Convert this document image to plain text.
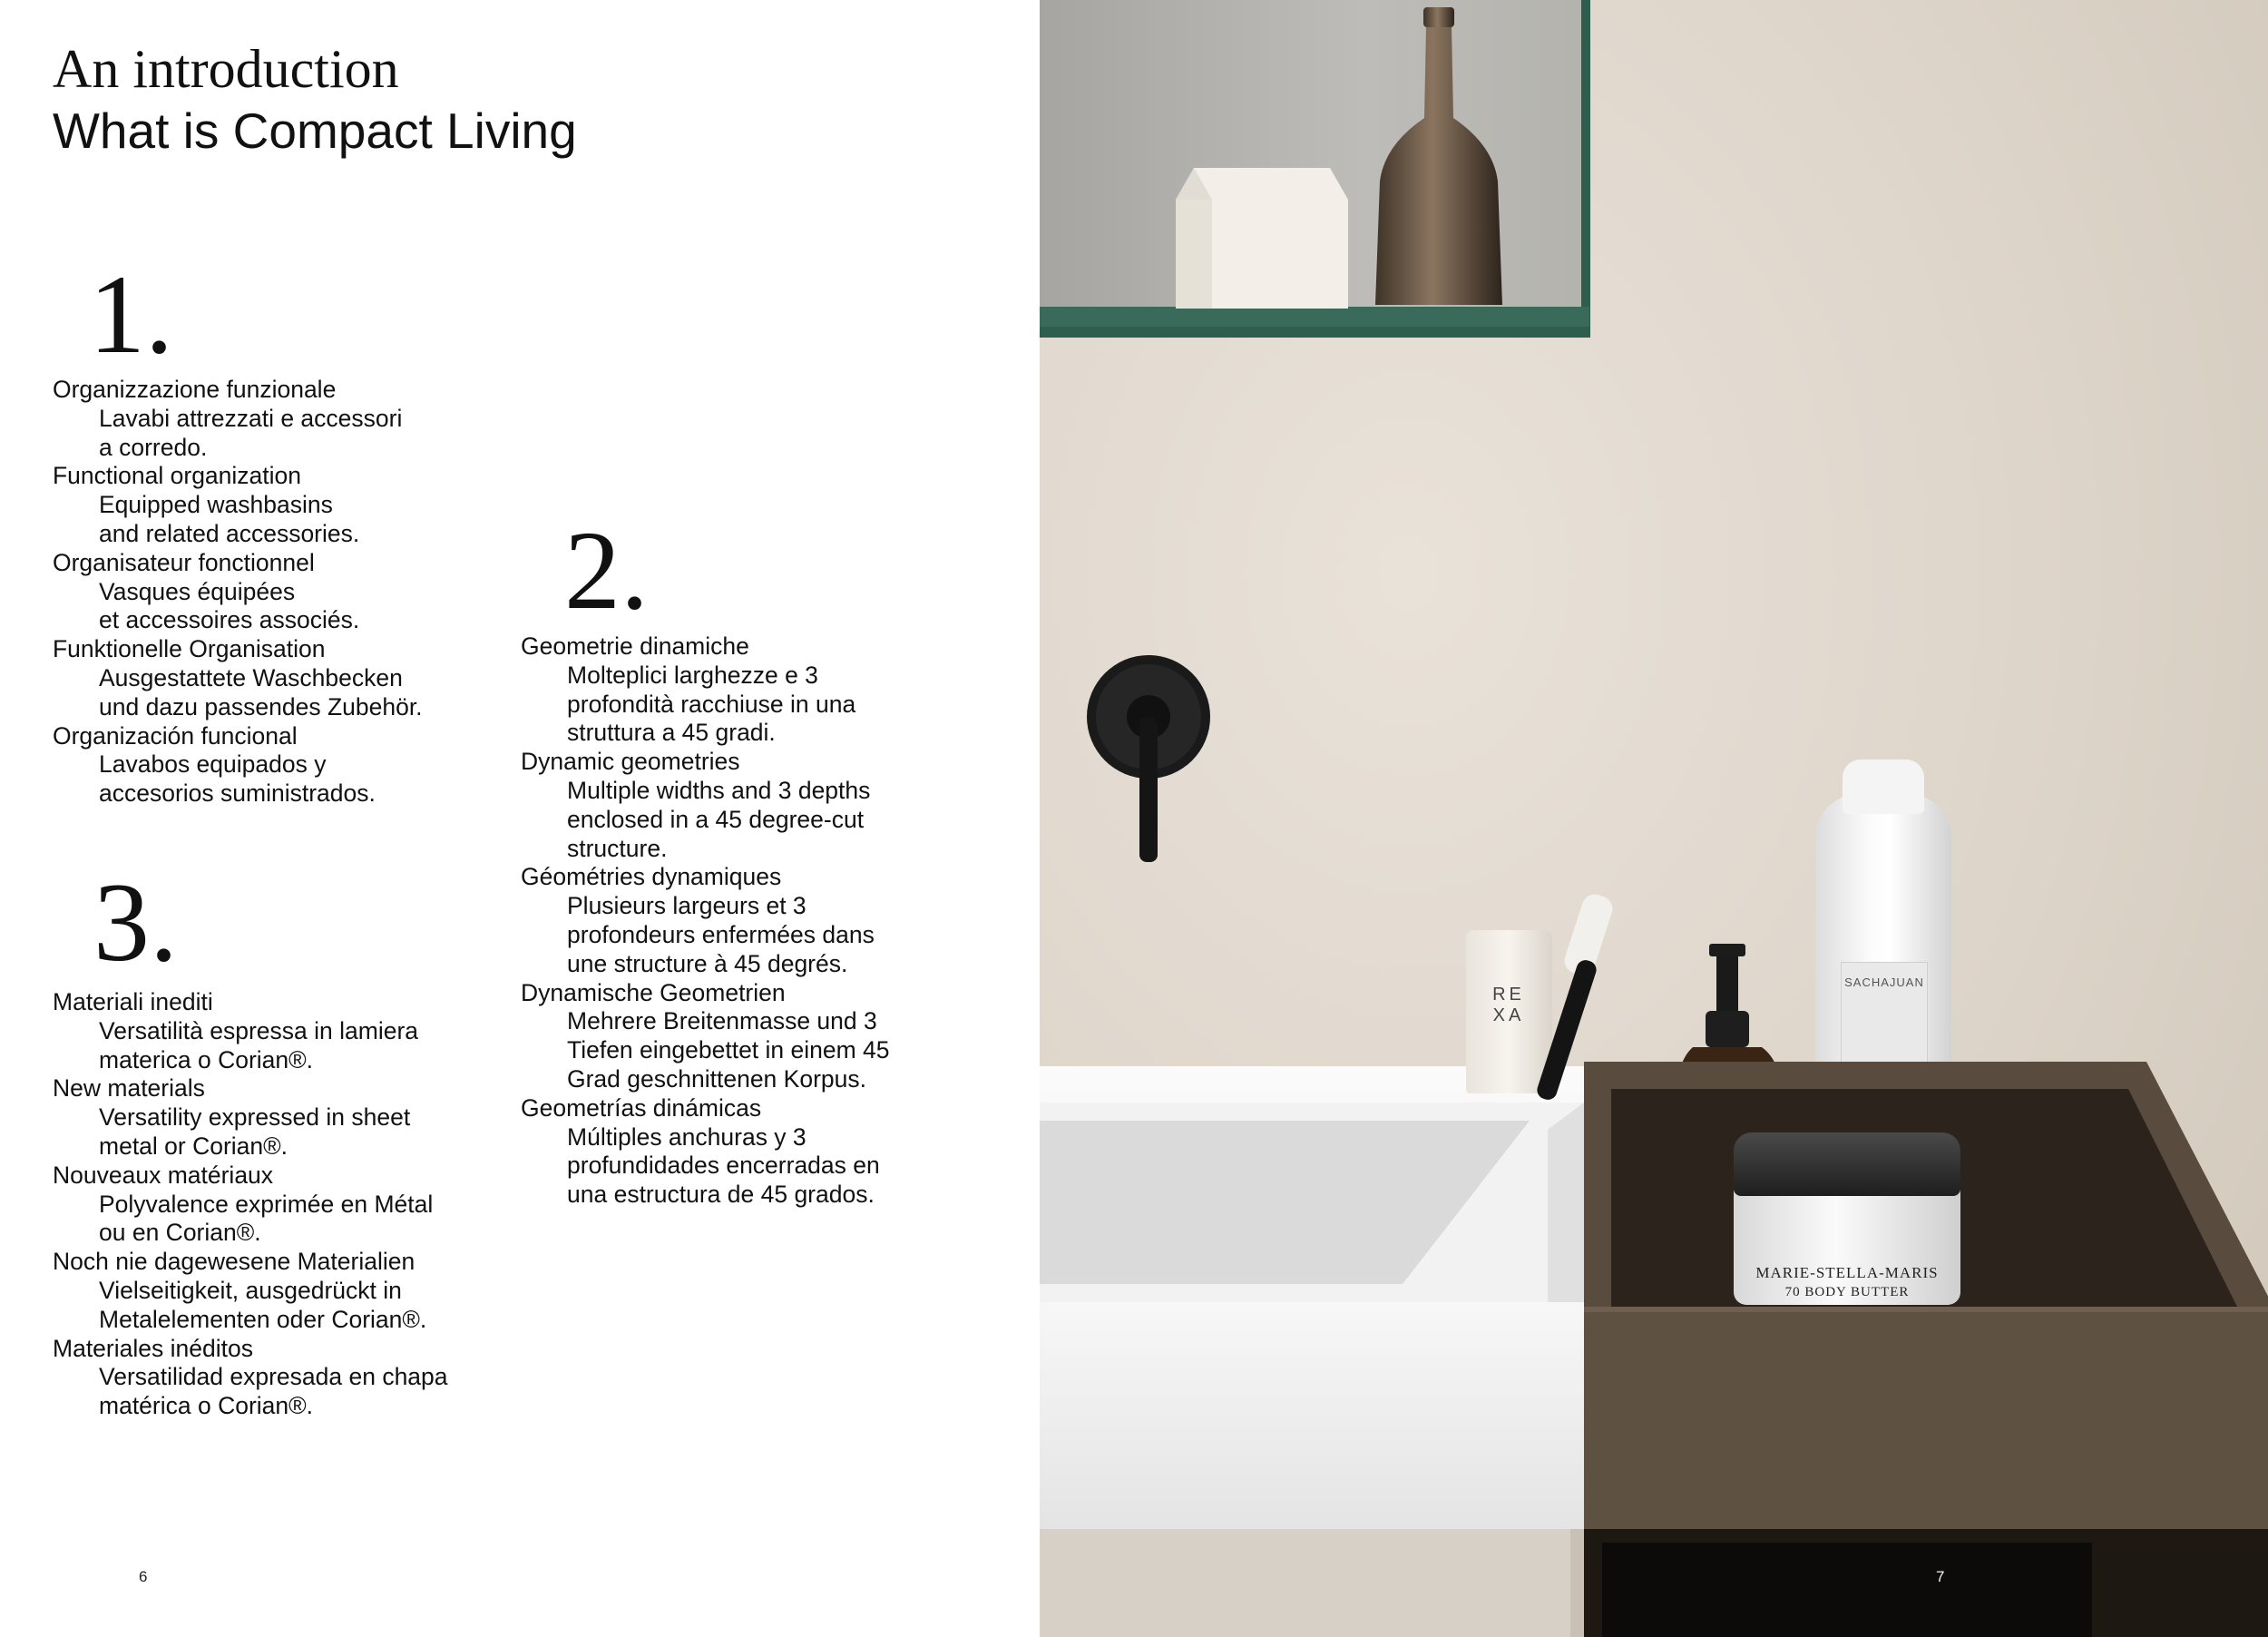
An introduction
What is Compact Living
1.
Organizzazione funzionale
Lavabi attrezzati e accessori
a corredo.
Functional organization
Equipped washbasins
and related accessories.
Organisateur fonctionnel
Vasques équipées
et accessoires associés.
Funktionelle Organisation
Ausgestattete Waschbecken
und dazu passendes Zubehör.
Organización funcional
Lavabos equipados y
accesorios suministrados.
2.
Geometrie dinamiche
Molteplici larghezze e 3
profondità racchiuse in una
struttura a 45 gradi.
Dynamic geometries
Multiple widths and 3 depths
enclosed in a 45 degree-cut
structure.
Géométries dynamiques
Plusieurs largeurs et 3
profondeurs enfermées dans
une structure à 45 degrés.
Dynamische Geometrien
Mehrere Breitenmasse und 3
Tiefen eingebettet in einem 45
Grad geschnittenen Korpus.
Geometrías dinámicas
Múltiples anchuras y 3
profundidades encerradas en
una estructura de 45 grados.
3.
Materiali inediti
Versatilità espressa in lamiera
materica o Corian®.
New materials
Versatility expressed in sheet
metal or Corian®.
Nouveaux matériaux
Polyvalence exprimée en Métal
ou en Corian®.
Noch nie dagewesene Materialien
Vielseitigkeit, ausgedrückt in
Metalelementen oder Corian®.
Materiales inéditos
Versatilidad expresada en chapa
matérica o Corian®.
6
RE XA
SACHAJUAN
MARIE-STELLA-MARIS
70 BODY BUTTER
7
